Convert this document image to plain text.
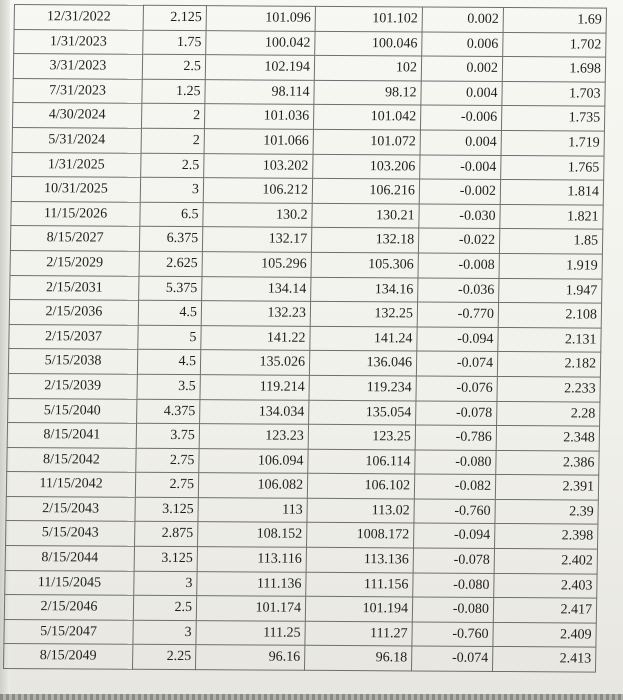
12/31/2022	2.125	101.096	101.102	0.002	1.69
1/31/2023	1.75	100.042	100.046	0.006	1.702
3/31/2023	2.5	102.194	102	0.002	1.698
7/31/2023	1.25	98.114	98.12	0.004	1.703
4/30/2024	2	101.036	101.042	-0.006	1.735
5/31/2024	2	101.066	101.072	0.004	1.719
1/31/2025	2.5	103.202	103.206	-0.004	1.765
10/31/2025	3	106.212	106.216	-0.002	1.814
11/15/2026	6.5	130.2	130.21	-0.030	1.821
8/15/2027	6.375	132.17	132.18	-0.022	1.85
2/15/2029	2.625	105.296	105.306	-0.008	1.919
2/15/2031	5.375	134.14	134.16	-0.036	1.947
2/15/2036	4.5	132.23	132.25	-0.770	2.108
2/15/2037	5	141.22	141.24	-0.094	2.131
5/15/2038	4.5	135.026	136.046	-0.074	2.182
2/15/2039	3.5	119.214	119.234	-0.076	2.233
5/15/2040	4.375	134.034	135.054	-0.078	2.28
8/15/2041	3.75	123.23	123.25	-0.786	2.348
8/15/2042	2.75	106.094	106.114	-0.080	2.386
11/15/2042	2.75	106.082	106.102	-0.082	2.391
2/15/2043	3.125	113	113.02	-0.760	2.39
5/15/2043	2.875	108.152	1008.172	-0.094	2.398
8/15/2044	3.125	113.116	113.136	-0.078	2.402
11/15/2045	3	111.136	111.156	-0.080	2.403
2/15/2046	2.5	101.174	101.194	-0.080	2.417
5/15/2047	3	111.25	111.27	-0.760	2.409
8/15/2049	2.25	96.16	96.18	-0.074	2.413
